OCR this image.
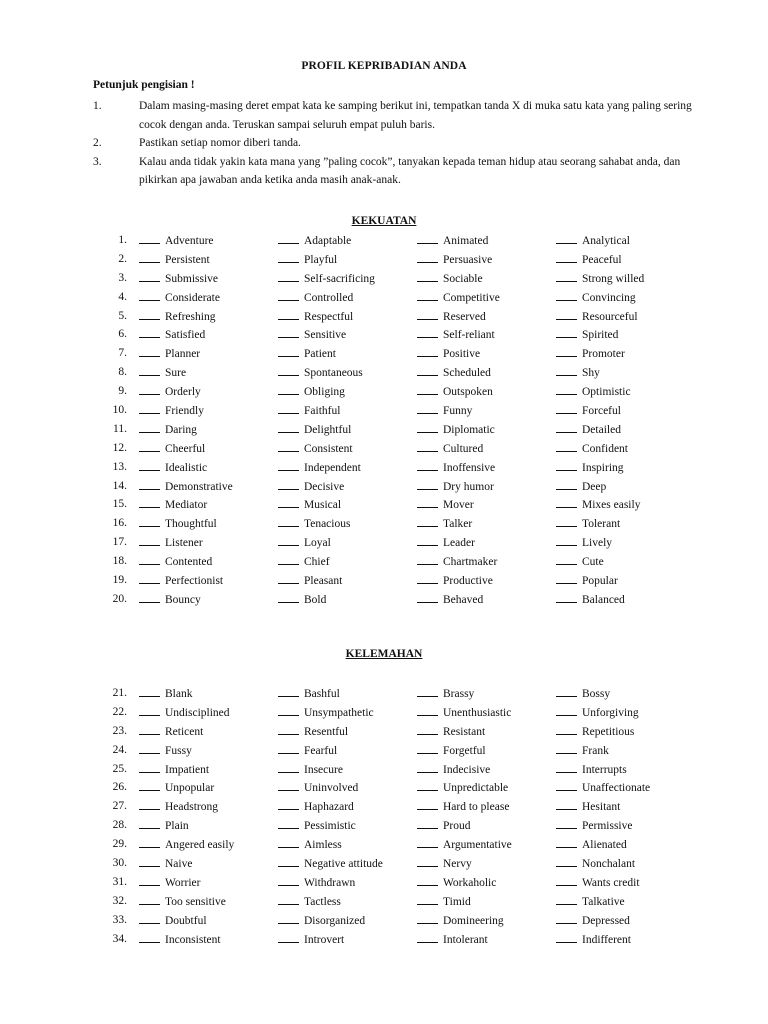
PROFIL KEPRIBADIAN ANDA
Petunjuk pengisian !
1.	Dalam masing-masing deret empat kata ke samping berikut ini, tempatkan tanda X di muka satu kata yang paling sering cocok dengan anda. Teruskan sampai seluruh empat puluh baris.
2.	Pastikan setiap nomor diberi tanda.
3.	Kalau anda tidak yakin kata mana yang ”paling cocok”, tanyakan kepada teman hidup atau seorang sahabat anda, dan pikirkan apa jawaban anda ketika anda masih anak-anak.
KEKUATAN
1.	Adventure	Adaptable	Animated	Analytical
2.	Persistent	Playful	Persuasive	Peaceful
3.	Submissive	Self-sacrificing	Sociable	Strong willed
4.	Considerate	Controlled	Competitive	Convincing
5.	Refreshing	Respectful	Reserved	Resourceful
6.	Satisfied	Sensitive	Self-reliant	Spirited
7.	Planner	Patient	Positive	Promoter
8.	Sure	Spontaneous	Scheduled	Shy
9.	Orderly	Obliging	Outspoken	Optimistic
10.	Friendly	Faithful	Funny	Forceful
11.	Daring	Delightful	Diplomatic	Detailed
12.	Cheerful	Consistent	Cultured	Confident
13.	Idealistic	Independent	Inoffensive	Inspiring
14.	Demonstrative	Decisive	Dry humor	Deep
15.	Mediator	Musical	Mover	Mixes easily
16.	Thoughtful	Tenacious	Talker	Tolerant
17.	Listener	Loyal	Leader	Lively
18.	Contented	Chief	Chartmaker	Cute
19.	Perfectionist	Pleasant	Productive	Popular
20.	Bouncy	Bold	Behaved	Balanced
KELEMAHAN
21.	Blank	Bashful	Brassy	Bossy
22.	Undisciplined	Unsympathetic	Unenthusiastic	Unforgiving
23.	Reticent	Resentful	Resistant	Repetitious
24.	Fussy	Fearful	Forgetful	Frank
25.	Impatient	Insecure	Indecisive	Interrupts
26.	Unpopular	Uninvolved	Unpredictable	Unaffectionate
27.	Headstrong	Haphazard	Hard to please	Hesitant
28.	Plain	Pessimistic	Proud	Permissive
29.	Angered easily	Aimless	Argumentative	Alienated
30.	Naive	Negative attitude	Nervy	Nonchalant
31.	Worrier	Withdrawn	Workaholic	Wants credit
32.	Too sensitive	Tactless	Timid	Talkative
33.	Doubtful	Disorganized	Domineering	Depressed
34.	Inconsistent	Introvert	Intolerant	Indifferent
